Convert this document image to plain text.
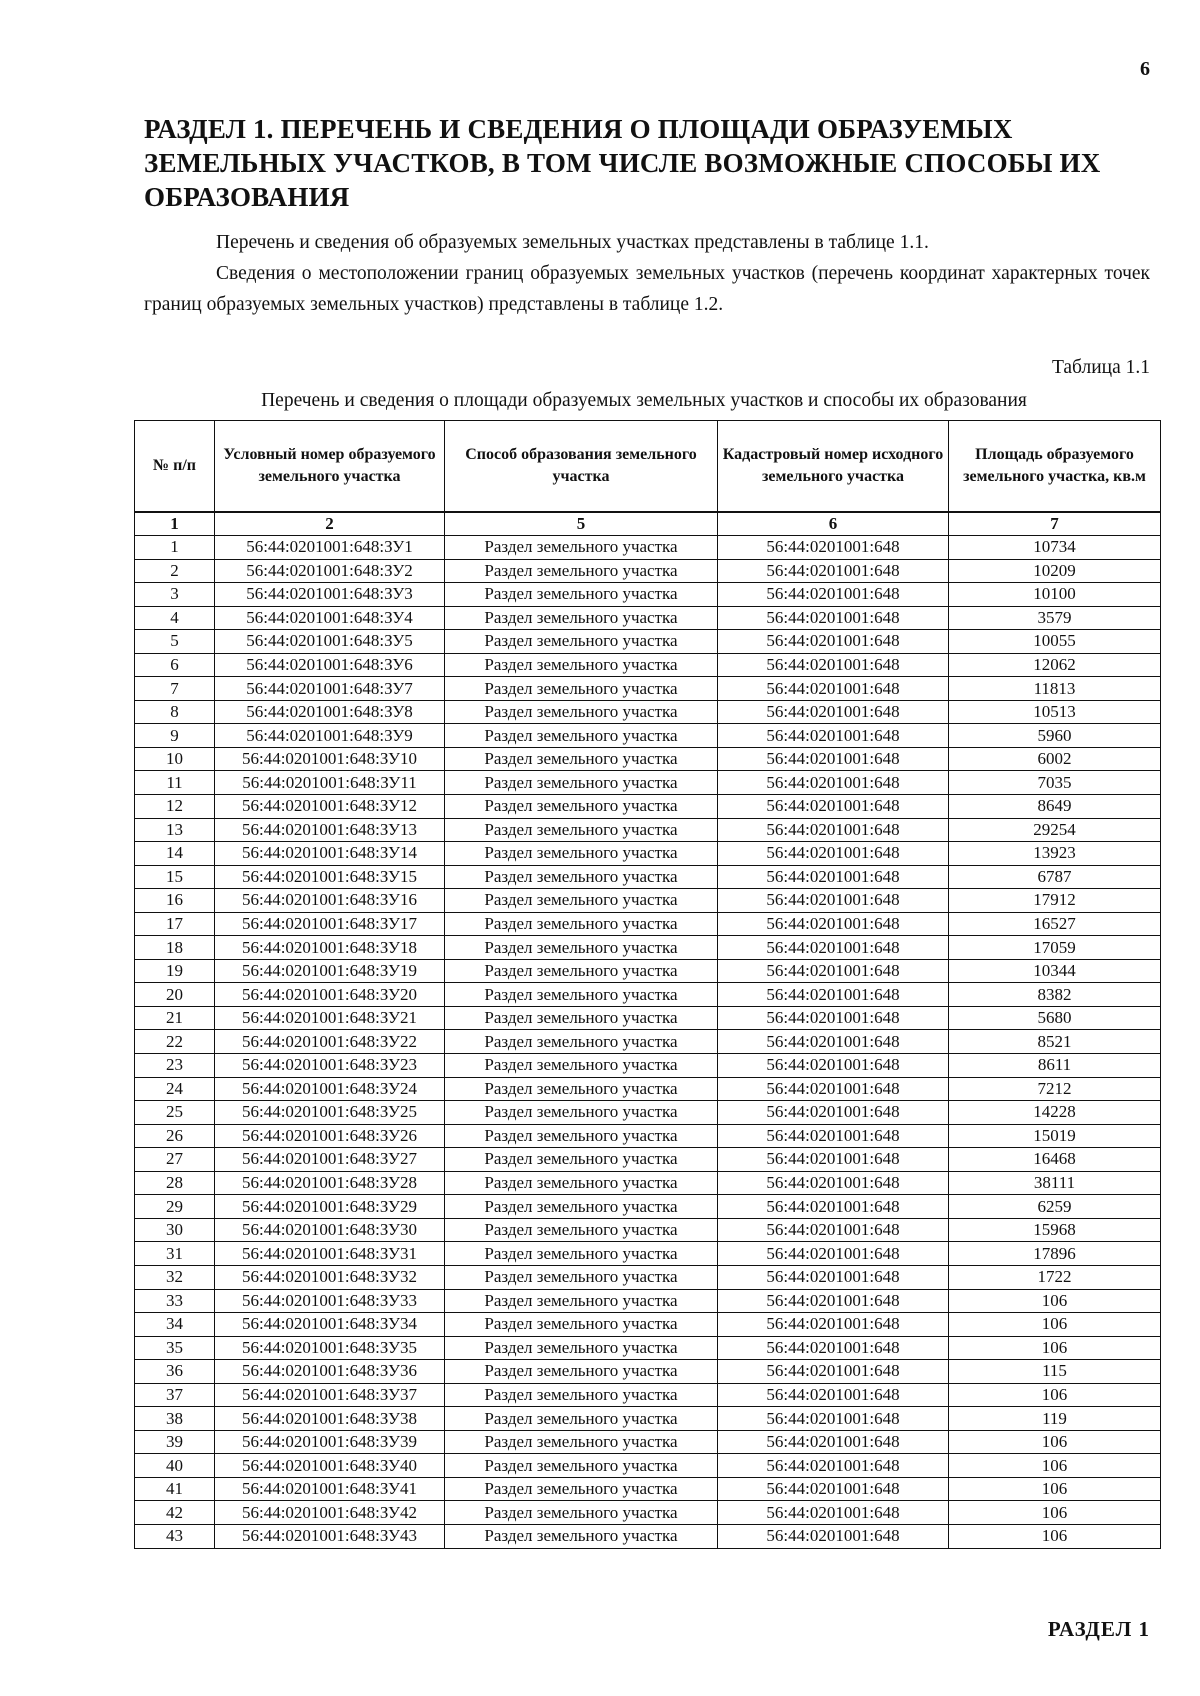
6
РАЗДЕЛ 1. ПЕРЕЧЕНЬ И СВЕДЕНИЯ О ПЛОЩАДИ ОБРАЗУЕМЫХ ЗЕМЕЛЬНЫХ УЧАСТКОВ, В ТОМ ЧИСЛЕ ВОЗМОЖНЫЕ СПОСОБЫ ИХ ОБРАЗОВАНИЯ

Перечень и сведения об образуемых земельных участках представлены в таблице 1.1.

Сведения о местоположении границ образуемых земельных участков (перечень координат характерных точек границ образуемых земельных участков) представлены в таблице 1.2.

Таблица 1.1
Перечень и сведения о площади образуемых земельных участков и способы их образования
№ п/п	Условный номер образуемого земельного участка	Способ образования земельного участка	Кадастровый номер исходного земельного участка	Площадь образуемого земельного участка, кв.м
1	2	5	6	7
1	56:44:0201001:648:ЗУ1	Раздел земельного участка	56:44:0201001:648	10734
2	56:44:0201001:648:ЗУ2	Раздел земельного участка	56:44:0201001:648	10209
3	56:44:0201001:648:ЗУ3	Раздел земельного участка	56:44:0201001:648	10100
4	56:44:0201001:648:ЗУ4	Раздел земельного участка	56:44:0201001:648	3579
5	56:44:0201001:648:ЗУ5	Раздел земельного участка	56:44:0201001:648	10055
6	56:44:0201001:648:ЗУ6	Раздел земельного участка	56:44:0201001:648	12062
7	56:44:0201001:648:ЗУ7	Раздел земельного участка	56:44:0201001:648	11813
8	56:44:0201001:648:ЗУ8	Раздел земельного участка	56:44:0201001:648	10513
9	56:44:0201001:648:ЗУ9	Раздел земельного участка	56:44:0201001:648	5960
10	56:44:0201001:648:ЗУ10	Раздел земельного участка	56:44:0201001:648	6002
11	56:44:0201001:648:ЗУ11	Раздел земельного участка	56:44:0201001:648	7035
12	56:44:0201001:648:ЗУ12	Раздел земельного участка	56:44:0201001:648	8649
13	56:44:0201001:648:ЗУ13	Раздел земельного участка	56:44:0201001:648	29254
14	56:44:0201001:648:ЗУ14	Раздел земельного участка	56:44:0201001:648	13923
15	56:44:0201001:648:ЗУ15	Раздел земельного участка	56:44:0201001:648	6787
16	56:44:0201001:648:ЗУ16	Раздел земельного участка	56:44:0201001:648	17912
17	56:44:0201001:648:ЗУ17	Раздел земельного участка	56:44:0201001:648	16527
18	56:44:0201001:648:ЗУ18	Раздел земельного участка	56:44:0201001:648	17059
19	56:44:0201001:648:ЗУ19	Раздел земельного участка	56:44:0201001:648	10344
20	56:44:0201001:648:ЗУ20	Раздел земельного участка	56:44:0201001:648	8382
21	56:44:0201001:648:ЗУ21	Раздел земельного участка	56:44:0201001:648	5680
22	56:44:0201001:648:ЗУ22	Раздел земельного участка	56:44:0201001:648	8521
23	56:44:0201001:648:ЗУ23	Раздел земельного участка	56:44:0201001:648	8611
24	56:44:0201001:648:ЗУ24	Раздел земельного участка	56:44:0201001:648	7212
25	56:44:0201001:648:ЗУ25	Раздел земельного участка	56:44:0201001:648	14228
26	56:44:0201001:648:ЗУ26	Раздел земельного участка	56:44:0201001:648	15019
27	56:44:0201001:648:ЗУ27	Раздел земельного участка	56:44:0201001:648	16468
28	56:44:0201001:648:ЗУ28	Раздел земельного участка	56:44:0201001:648	38111
29	56:44:0201001:648:ЗУ29	Раздел земельного участка	56:44:0201001:648	6259
30	56:44:0201001:648:ЗУ30	Раздел земельного участка	56:44:0201001:648	15968
31	56:44:0201001:648:ЗУ31	Раздел земельного участка	56:44:0201001:648	17896
32	56:44:0201001:648:ЗУ32	Раздел земельного участка	56:44:0201001:648	1722
33	56:44:0201001:648:ЗУ33	Раздел земельного участка	56:44:0201001:648	106
34	56:44:0201001:648:ЗУ34	Раздел земельного участка	56:44:0201001:648	106
35	56:44:0201001:648:ЗУ35	Раздел земельного участка	56:44:0201001:648	106
36	56:44:0201001:648:ЗУ36	Раздел земельного участка	56:44:0201001:648	115
37	56:44:0201001:648:ЗУ37	Раздел земельного участка	56:44:0201001:648	106
38	56:44:0201001:648:ЗУ38	Раздел земельного участка	56:44:0201001:648	119
39	56:44:0201001:648:ЗУ39	Раздел земельного участка	56:44:0201001:648	106
40	56:44:0201001:648:ЗУ40	Раздел земельного участка	56:44:0201001:648	106
41	56:44:0201001:648:ЗУ41	Раздел земельного участка	56:44:0201001:648	106
42	56:44:0201001:648:ЗУ42	Раздел земельного участка	56:44:0201001:648	106
43	56:44:0201001:648:ЗУ43	Раздел земельного участка	56:44:0201001:648	106
РАЗДЕЛ 1
